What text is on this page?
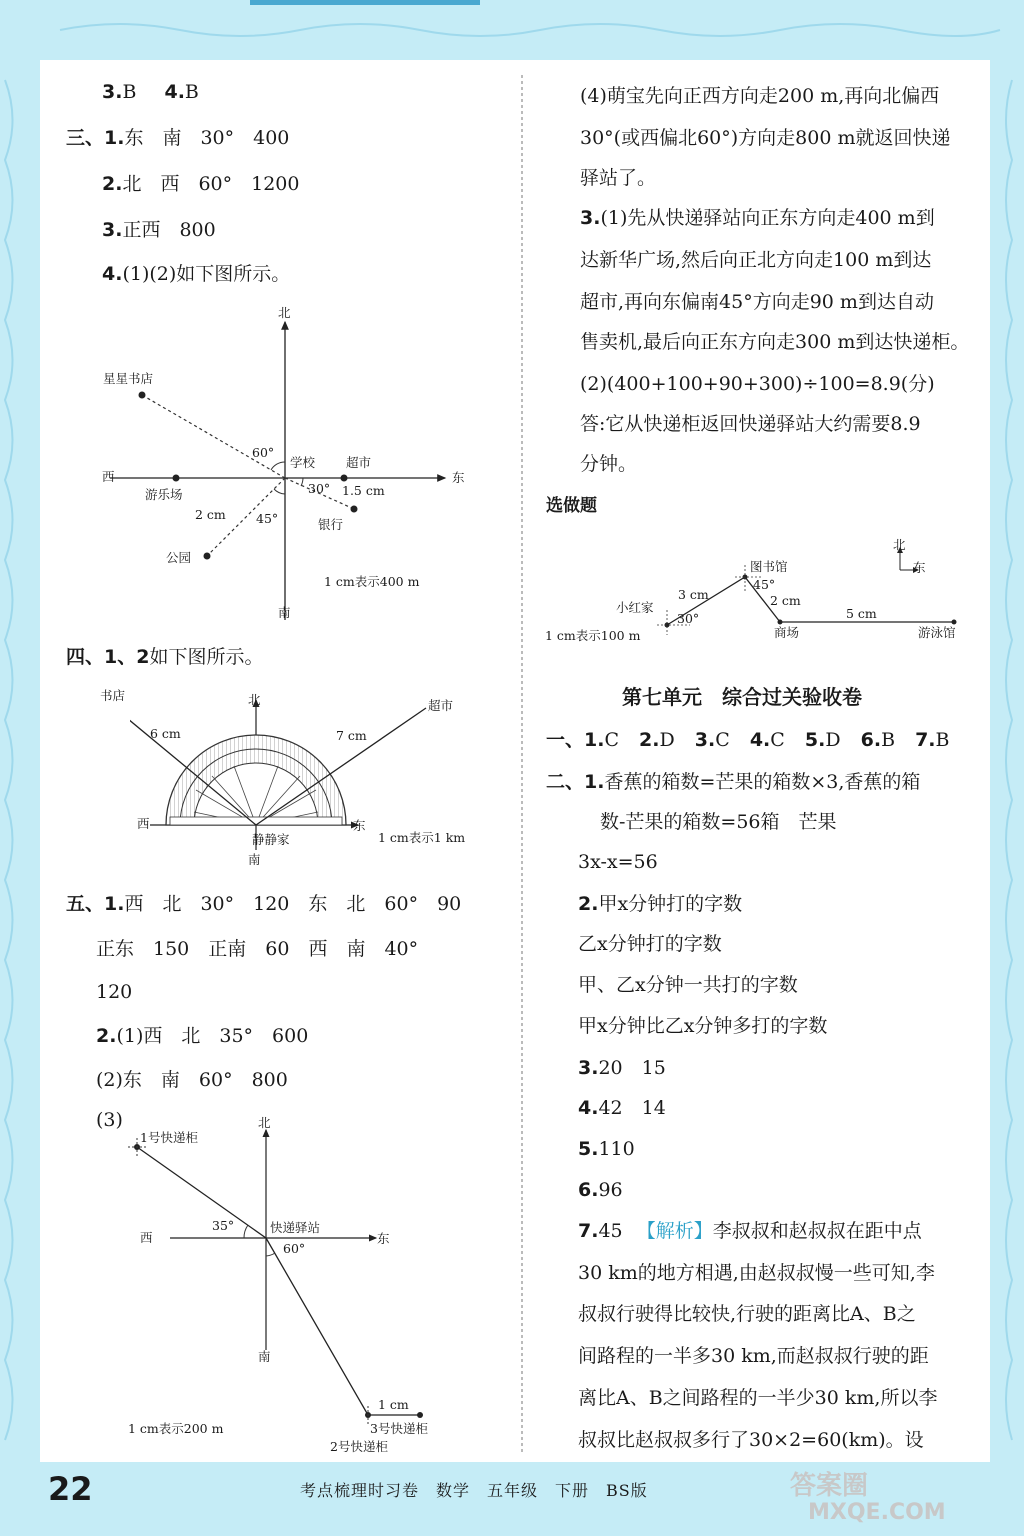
3.B 4.B
三、1.东　南　30°　400
2.北　西　60°　1200
3.正西　800
4.(1)(2)如下图所示。
北
南
西	东
星星书店
60°
学校 超市
30° 1.5 cm
游乐场
2 cm 45°	银行
公园
1 cm表示400 m
四、1、2如下图所示。
书店
超市
北
6 cm	7 cm
西	东
静静家
南
1 cm表示1 km
五、1.西　北　30°　120　东　北　60°　90
正东　150　正南　60　西　南　40°
120
2.(1)西　北　35°　600
(2)东　南　60°　800
(3)
1号快递柜
北
35°	快递驿站
西	东
60°
南
1 cm
1 cm表示200 m	3号快递柜
2号快递柜
(4)萌宝先向正西方向走200 m,再向北偏西
30°(或西偏北60°)方向走800 m就返回快递
驿站了。
3.(1)先从快递驿站向正东方向走400 m到
达新华广场,然后向正北方向走100 m到达
超市,再向东偏南45°方向走90 m到达自动
售卖机,最后向正东方向走300 m到达快递柜。
(2)(400+100+90+300)÷100=8.9(分)
答:它从快递柜返回快递驿站大约需要8.9
分钟。
选做题
北
东
图书馆
45°
3 cm	2 cm
小红家	5 cm
30°
1 cm表示100 m	商场	游泳馆
第七单元　综合过关验收卷
一、1.C 2.D 3.C 4.C 5.D 6.B 7.B
二、1.香蕉的箱数=芒果的箱数×3,香蕉的箱
数-芒果的箱数=56箱　芒果
3x-x=56
2.甲x分钟打的字数
乙x分钟打的字数
甲、乙x分钟一共打的字数
甲x分钟比乙x分钟多打的字数
3.20　15
4.42　14
5.110
6.96
7.45 【解析】李叔叔和赵叔叔在距中点
30 km的地方相遇,由赵叔叔慢一些可知,李
叔叔行驶得比较快,行驶的距离比A、B之
间路程的一半多30 km,而赵叔叔行驶的距
离比A、B之间路程的一半少30 km,所以李
叔叔比赵叔叔多行了30×2=60(km)。设
22	考点梳理时习卷　数学　五年级　下册　BS版	答案圈
MXQE.COM
